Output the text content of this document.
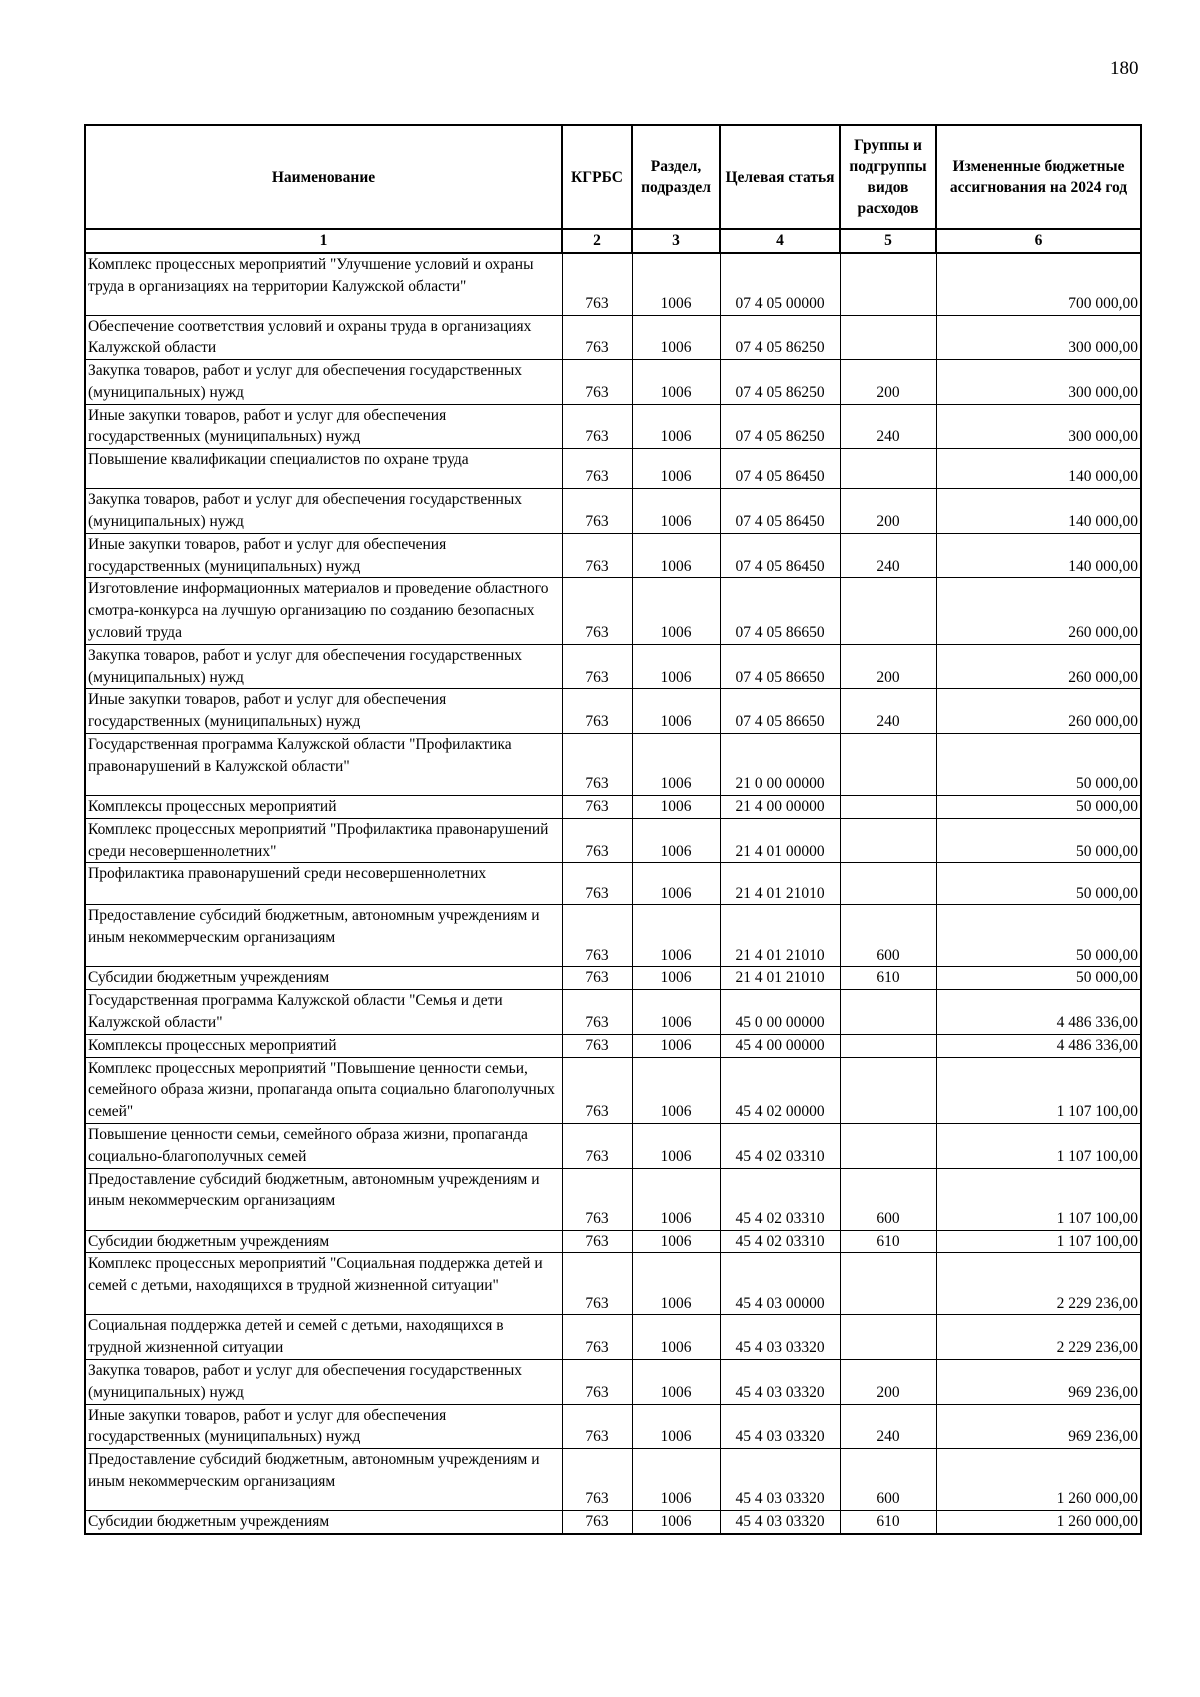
180
Наименование	КГРБС	Раздел, подраздел	Целевая статья	Группы и подгруппы видов расходов	Измененные бюджетные ассигнования на 2024 год
1	2	3	4	5	6
Комплекс процессных мероприятий "Улучшение условий и охраны труда в организациях на территории Калужской области"	763	1006	07 4 05 00000		700 000,00
Обеспечение соответствия условий и охраны труда в организациях Калужской области	763	1006	07 4 05 86250		300 000,00
Закупка товаров, работ и услуг для обеспечения государственных (муниципальных) нужд	763	1006	07 4 05 86250	200	300 000,00
Иные закупки товаров, работ и услуг для обеспечения государственных (муниципальных) нужд	763	1006	07 4 05 86250	240	300 000,00
Повышение квалификации специалистов по охране труда	763	1006	07 4 05 86450		140 000,00
Закупка товаров, работ и услуг для обеспечения государственных (муниципальных) нужд	763	1006	07 4 05 86450	200	140 000,00
Иные закупки товаров, работ и услуг для обеспечения государственных (муниципальных) нужд	763	1006	07 4 05 86450	240	140 000,00
Изготовление информационных материалов и проведение областного смотра-конкурса на лучшую организацию по созданию безопасных условий труда	763	1006	07 4 05 86650		260 000,00
Закупка товаров, работ и услуг для обеспечения государственных (муниципальных) нужд	763	1006	07 4 05 86650	200	260 000,00
Иные закупки товаров, работ и услуг для обеспечения государственных (муниципальных) нужд	763	1006	07 4 05 86650	240	260 000,00
Государственная программа Калужской области "Профилактика правонарушений в Калужской области"	763	1006	21 0 00 00000		50 000,00
Комплексы процессных мероприятий	763	1006	21 4 00 00000		50 000,00
Комплекс процессных мероприятий "Профилактика правонарушений среди несовершеннолетних"	763	1006	21 4 01 00000		50 000,00
Профилактика правонарушений среди несовершеннолетних	763	1006	21 4 01 21010		50 000,00
Предоставление субсидий бюджетным, автономным учреждениям и иным некоммерческим организациям	763	1006	21 4 01 21010	600	50 000,00
Субсидии бюджетным учреждениям	763	1006	21 4 01 21010	610	50 000,00
Государственная программа Калужской области "Семья и дети Калужской области"	763	1006	45 0 00 00000		4 486 336,00
Комплексы процессных мероприятий	763	1006	45 4 00 00000		4 486 336,00
Комплекс процессных мероприятий "Повышение ценности семьи, семейного образа жизни, пропаганда опыта социально благополучных семей"	763	1006	45 4 02 00000		1 107 100,00
Повышение ценности семьи, семейного образа жизни, пропаганда социально-благополучных семей	763	1006	45 4 02 03310		1 107 100,00
Предоставление субсидий бюджетным, автономным учреждениям и иным некоммерческим организациям	763	1006	45 4 02 03310	600	1 107 100,00
Субсидии бюджетным учреждениям	763	1006	45 4 02 03310	610	1 107 100,00
Комплекс процессных мероприятий "Социальная поддержка детей и семей с детьми, находящихся в трудной жизненной ситуации"	763	1006	45 4 03 00000		2 229 236,00
Социальная поддержка детей и семей с детьми, находящихся в трудной жизненной ситуации	763	1006	45 4 03 03320		2 229 236,00
Закупка товаров, работ и услуг для обеспечения государственных (муниципальных) нужд	763	1006	45 4 03 03320	200	969 236,00
Иные закупки товаров, работ и услуг для обеспечения государственных (муниципальных) нужд	763	1006	45 4 03 03320	240	969 236,00
Предоставление субсидий бюджетным, автономным учреждениям и иным некоммерческим организациям	763	1006	45 4 03 03320	600	1 260 000,00
Субсидии бюджетным учреждениям	763	1006	45 4 03 03320	610	1 260 000,00
